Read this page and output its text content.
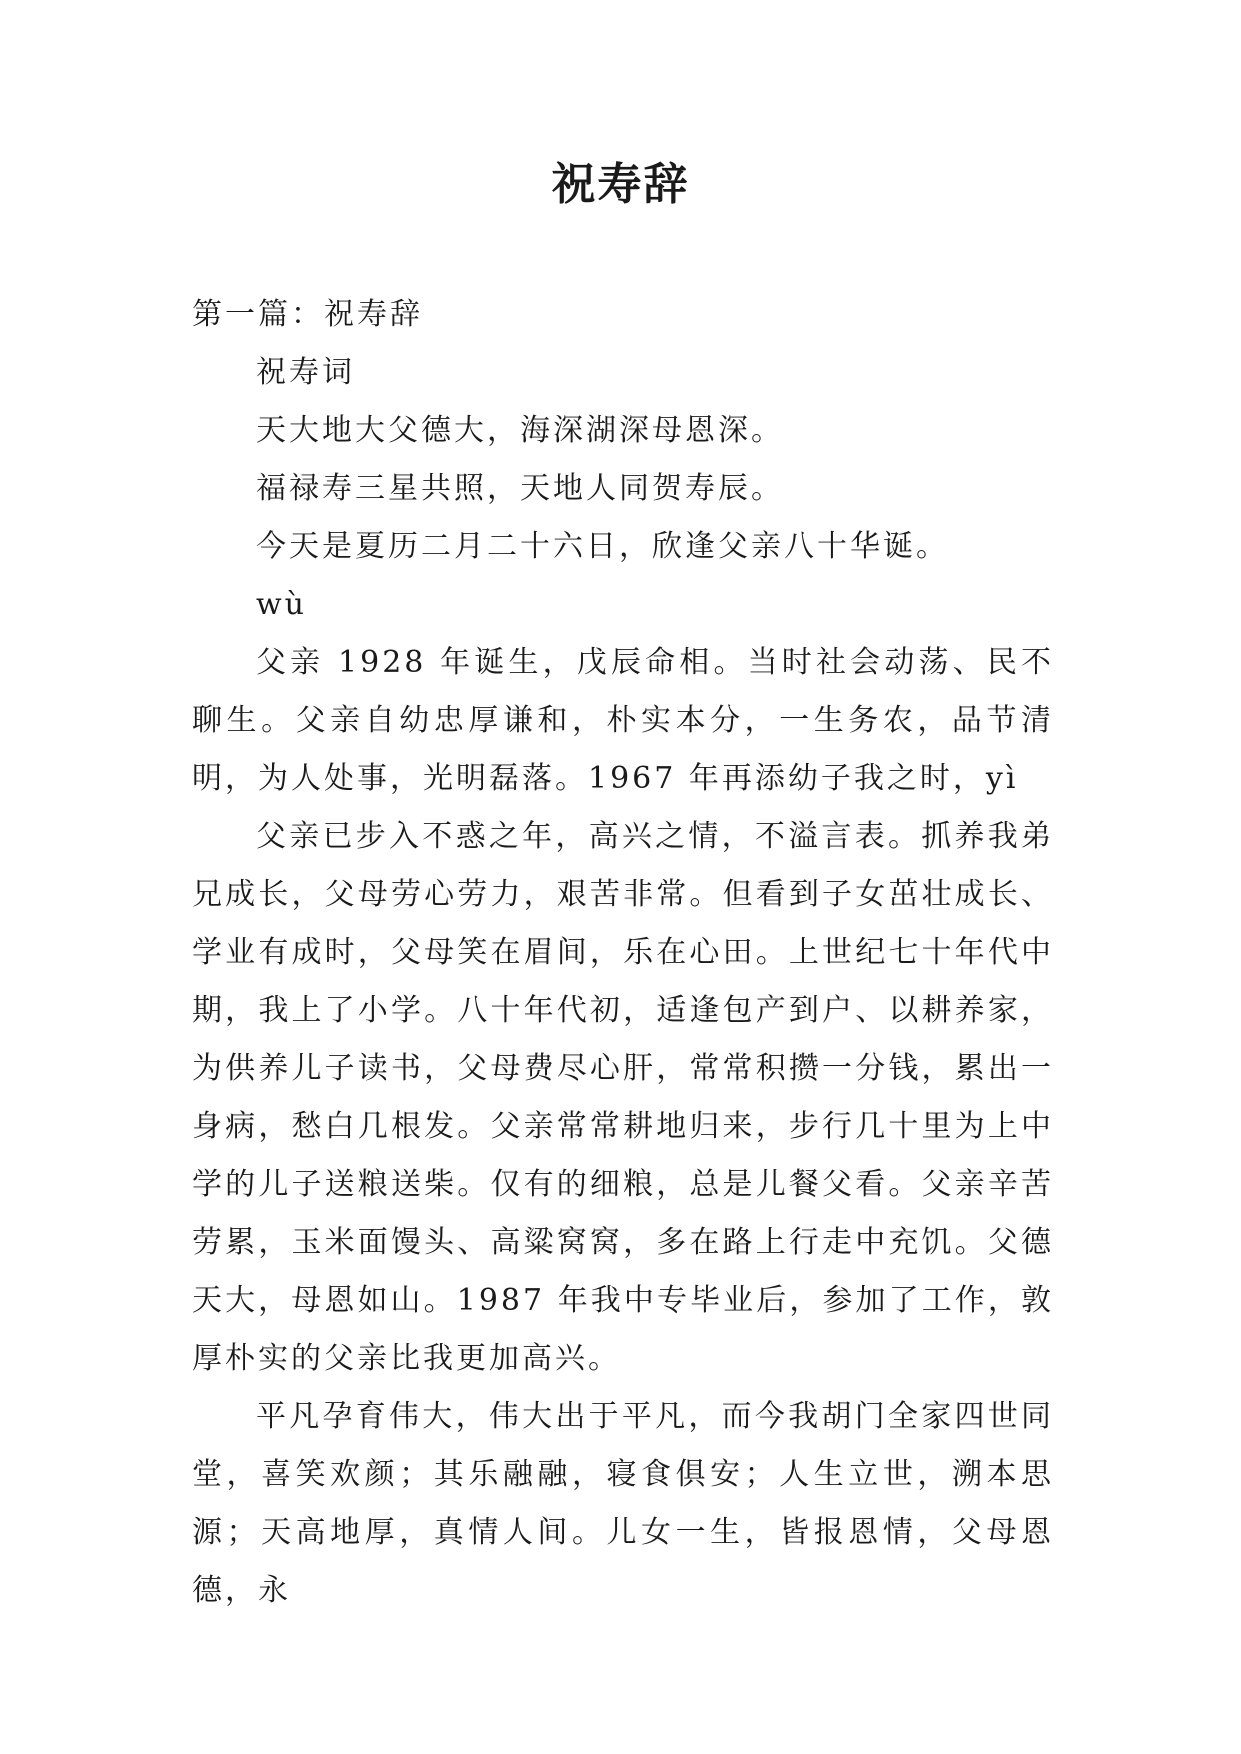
祝寿辞

第一篇：祝寿辞

祝寿词

天大地大父德大，海深湖深母恩深。

福禄寿三星共照，天地人同贺寿辰。

今天是夏历二月二十六日，欣逢父亲八十华诞。

wù

父亲 1928 年诞生，戊辰命相。当时社会动荡、民不聊生。父亲自幼忠厚谦和，朴实本分，一生务农，品节清明，为人处事，光明磊落。1967 年再添幼子我之时，yì

父亲已步入不惑之年，高兴之情，不溢言表。抓养我弟兄成长，父母劳心劳力，艰苦非常。但看到子女茁壮成长、学业有成时，父母笑在眉间，乐在心田。上世纪七十年代中期，我上了小学。八十年代初，适逢包产到户、以耕养家，为供养儿子读书，父母费尽心肝，常常积攒一分钱，累出一身病，愁白几根发。父亲常常耕地归来，步行几十里为上中学的儿子送粮送柴。仅有的细粮，总是儿餐父看。父亲辛苦劳累，玉米面馒头、高粱窝窝，多在路上行走中充饥。父德天大，母恩如山。1987 年我中专毕业后，参加了工作，敦厚朴实的父亲比我更加高兴。

平凡孕育伟大，伟大出于平凡，而今我胡门全家四世同堂，喜笑欢颜；其乐融融，寝食俱安；人生立世，溯本思源；天高地厚，真情人间。儿女一生，皆报恩情，父母恩德，永
